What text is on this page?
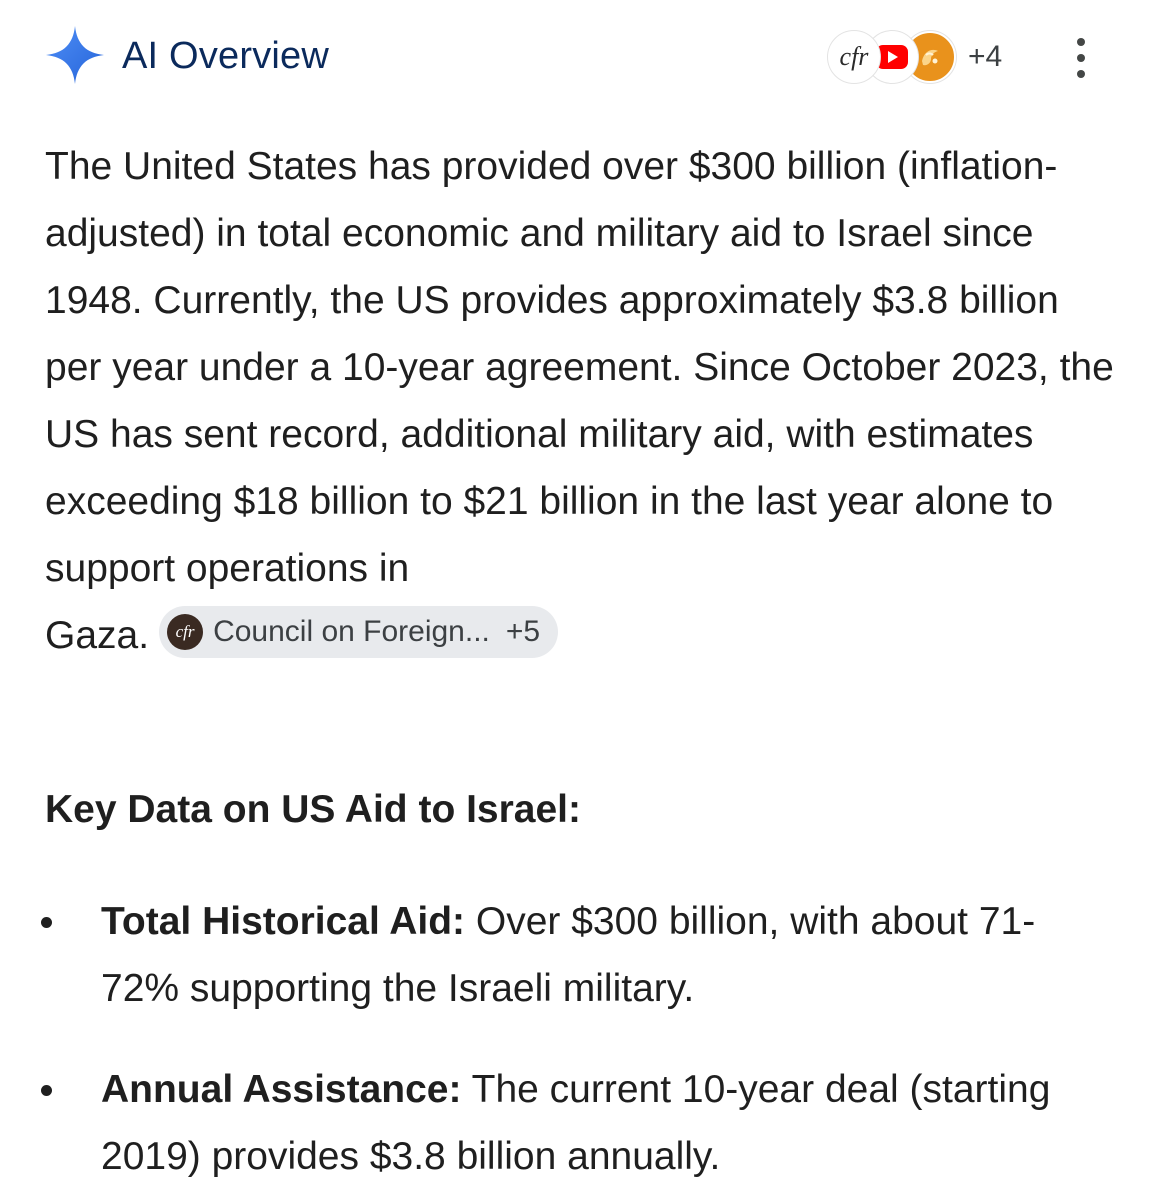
AI Overview	cfr	+4

The United States has provided over $300 billion (inflation-adjusted) in total economic and military aid to Israel since 1948. Currently, the US provides approximately $3.8 billion per year under a 10-year agreement. Since October 2023, the US has sent record, additional military aid, with estimates exceeding $18 billion to $21 billion in the last year alone to support operations in
Gaza.	cfr Council on Foreign... +5

Key Data on US Aid to Israel:
Total Historical Aid: Over $300 billion, with about 71-72% supporting the Israeli military.
Annual Assistance: The current 10-year deal (starting 2019) provides $3.8 billion annually.
